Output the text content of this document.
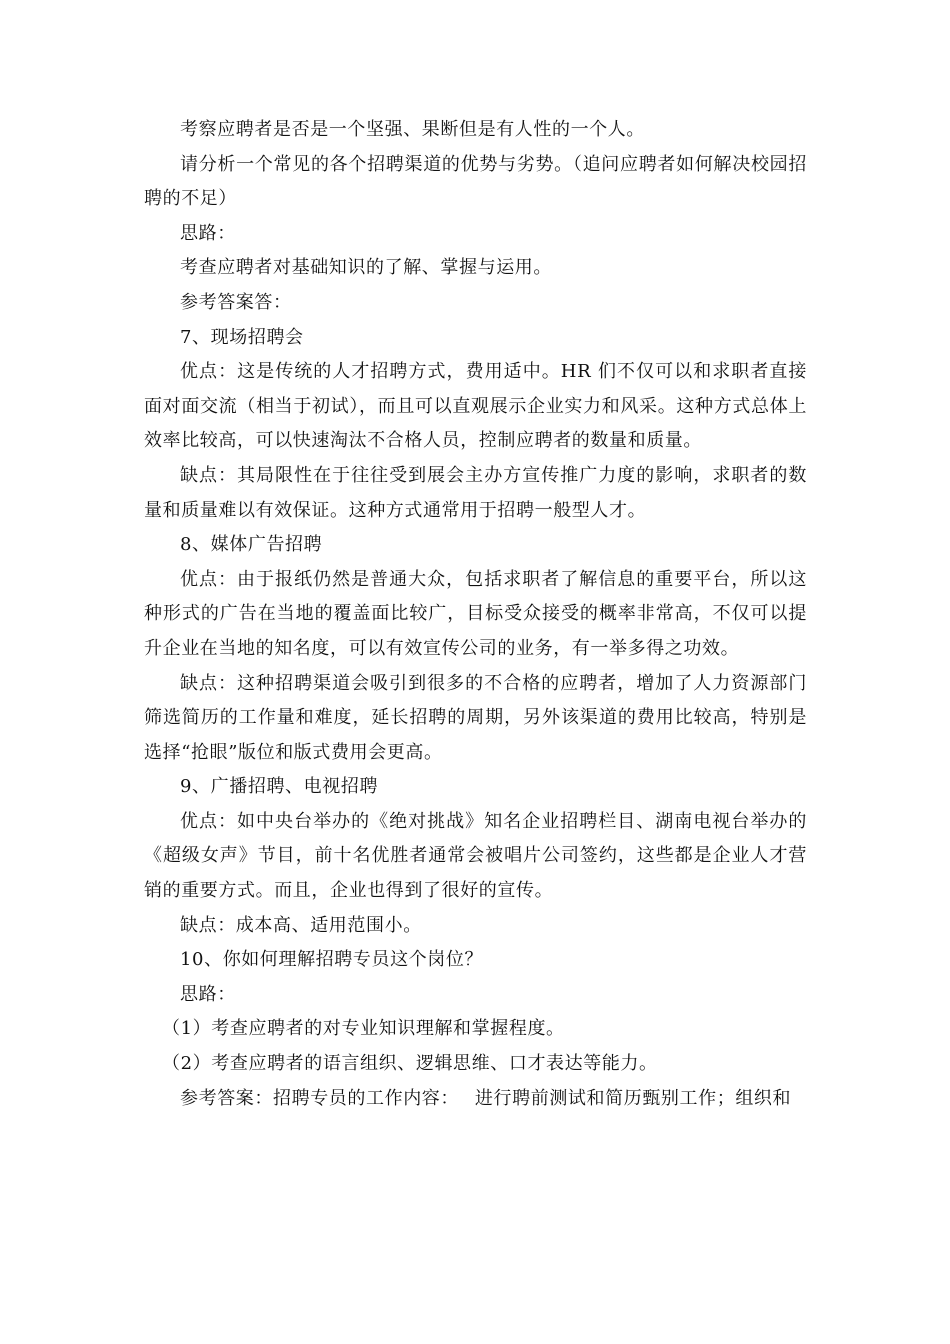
考察应聘者是否是一个坚强、果断但是有人性的一个人。

请分析一个常见的各个招聘渠道的优势与劣势。（追问应聘者如何解决校园招聘的不足）

思路：

考查应聘者对基础知识的了解、掌握与运用。

参考答案答：

7、现场招聘会

优点：这是传统的人才招聘方式，费用适中。HR 们不仅可以和求职者直接面对面交流（相当于初试），而且可以直观展示企业实力和风采。这种方式总体上效率比较高，可以快速淘汰不合格人员，控制应聘者的数量和质量。

缺点：其局限性在于往往受到展会主办方宣传推广力度的影响，求职者的数量和质量难以有效保证。这种方式通常用于招聘一般型人才。

8、媒体广告招聘

优点：由于报纸仍然是普通大众，包括求职者了解信息的重要平台，所以这种形式的广告在当地的覆盖面比较广，目标受众接受的概率非常高，不仅可以提升企业在当地的知名度，可以有效宣传公司的业务，有一举多得之功效。

缺点：这种招聘渠道会吸引到很多的不合格的应聘者，增加了人力资源部门筛选简历的工作量和难度，延长招聘的周期，另外该渠道的费用比较高，特别是选择“抢眼”版位和版式费用会更高。

9、广播招聘、电视招聘

优点：如中央台举办的《绝对挑战》知名企业招聘栏目、湖南电视台举办的《超级女声》节目，前十名优胜者通常会被唱片公司签约，这些都是企业人才营销的重要方式。而且，企业也得到了很好的宣传。

缺点：成本高、适用范围小。

10、你如何理解招聘专员这个岗位？

思路：

（1）考查应聘者的对专业知识理解和掌握程度。

（2）考查应聘者的语言组织、逻辑思维、口才表达等能力。

参考答案：招聘专员的工作内容：　 进行聘前测试和简历甄别工作；组织和
